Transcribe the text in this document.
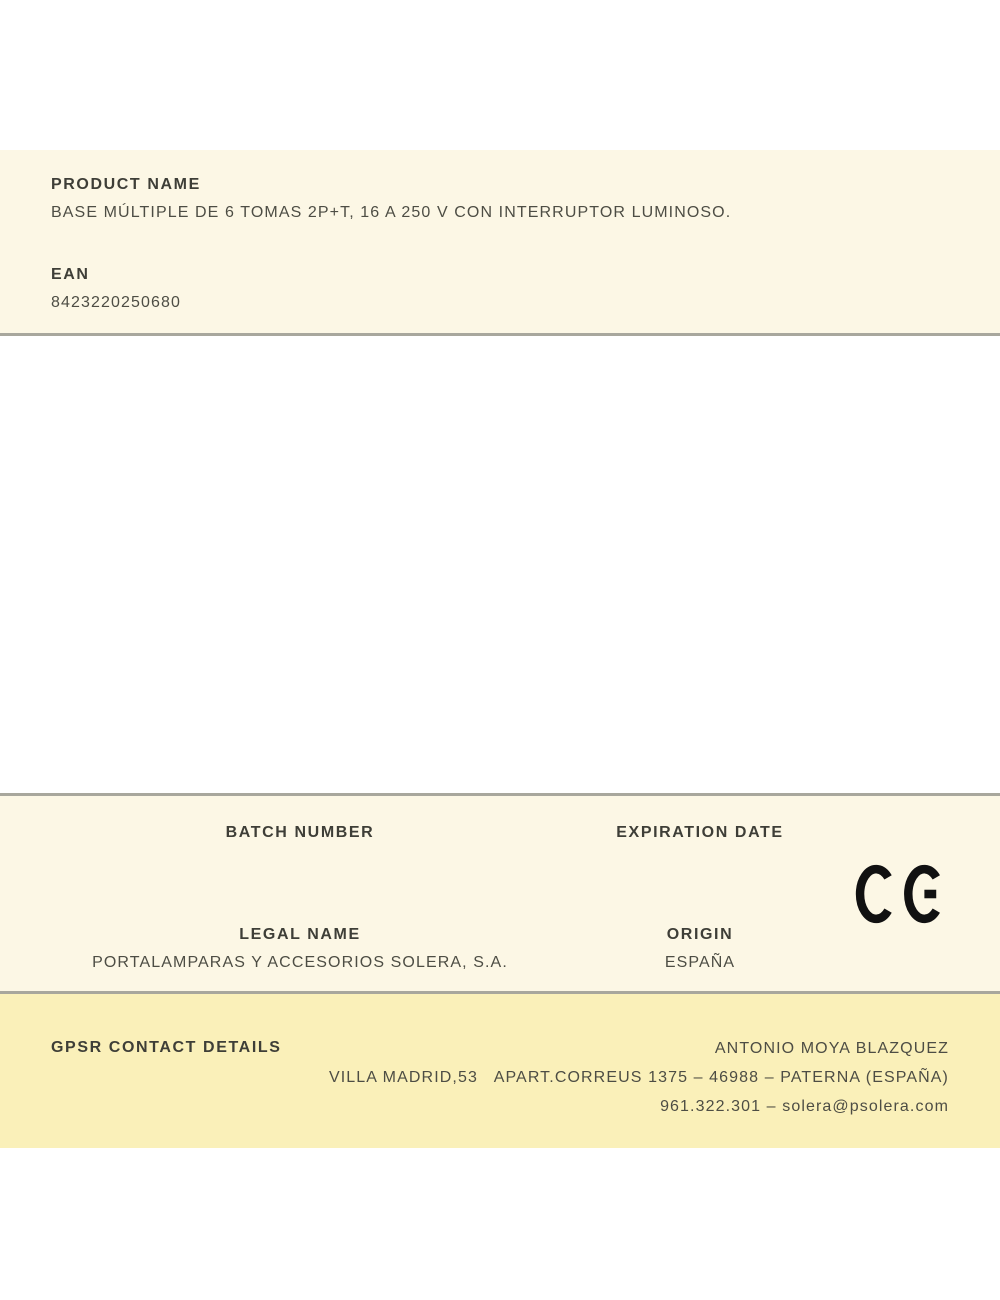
PRODUCT NAME
BASE MÚLTIPLE DE 6 TOMAS 2P+T, 16 A 250 V CON INTERRUPTOR LUMINOSO.
EAN
8423220250680
BATCH NUMBER	EXPIRATION DATE
LEGAL NAME
PORTALAMPARAS Y ACCESORIOS SOLERA, S.A.
ORIGIN
ESPAÑA
GPSR CONTACT DETAILS	ANTONIO MOYA BLAZQUEZ
VILLA MADRID,53   APART.CORREUS 1375 – 46988 – PATERNA (ESPAÑA)
961.322.301 – solera@psolera.com
